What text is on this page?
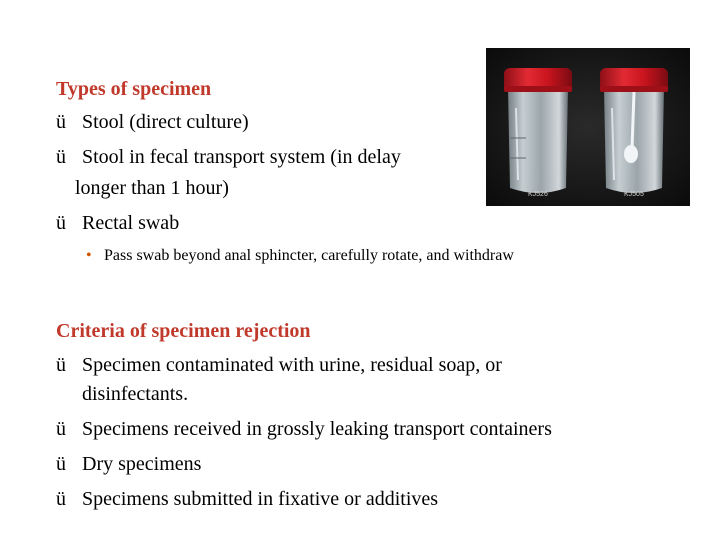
Types of specimen
ü Stool (direct culture)
ü Stool in fecal transport system (in delay
longer than 1 hour)
ü Rectal swab
• Pass swab beyond anal sphincter, carefully rotate, and withdraw
Criteria of specimen rejection
ü Specimen contaminated with urine, residual soap, or
disinfectants.
ü Specimens received in grossly leaking transport containers
ü Dry specimens
ü Specimens submitted in fixative or additives
KJ526	KJ505
